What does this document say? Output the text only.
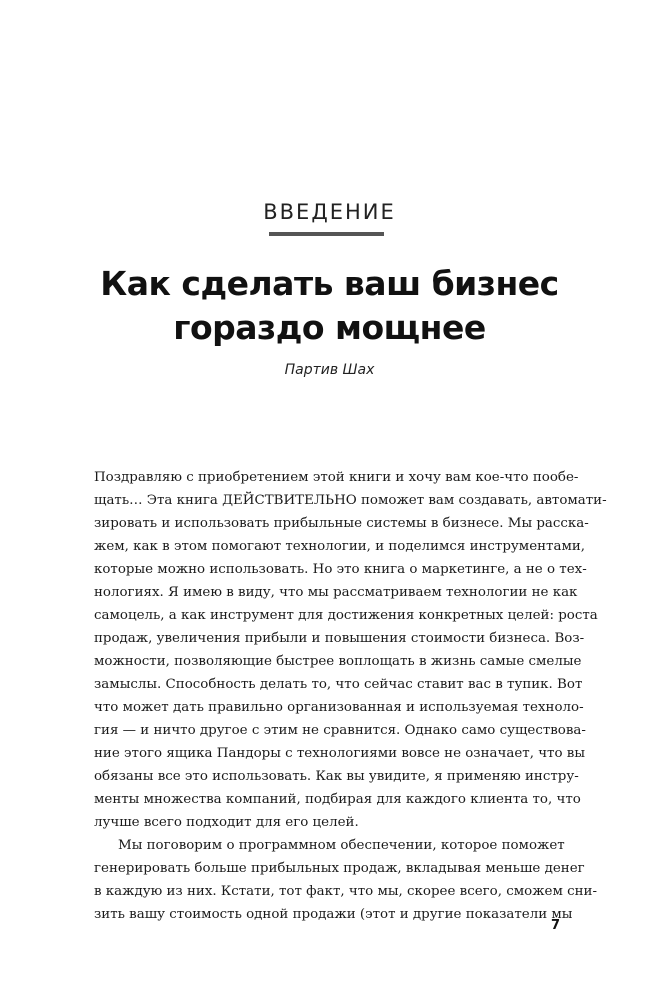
ВВЕДЕНИЕ
Как сделать ваш бизнес
гораздо мощнее
Партив Шах
Поздравляю с приобретением этой книги и хочу вам кое-что пообе-
щать… Эта книга ДЕЙСТВИТЕЛЬНО поможет вам создавать, автомати-
зировать и использовать прибыльные системы в бизнесе. Мы расска-
жем, как в этом помогают технологии, и поделимся инструментами,
которые можно использовать. Но это книга о маркетинге, а не о тех-
нологиях. Я имею в виду, что мы рассматриваем технологии не как
самоцель, а как инструмент для достижения конкретных целей: роста
продаж, увеличения прибыли и повышения стоимости бизнеса. Воз-
можности, позволяющие быстрее воплощать в жизнь самые смелые
замыслы. Способность делать то, что сейчас ставит вас в тупик. Вот
что может дать правильно организованная и используемая техноло-
гия — и ничто другое с этим не сравнится. Однако само существова-
ние этого ящика Пандоры с технологиями вовсе не означает, что вы
обязаны все это использовать. Как вы увидите, я применяю инстру-
менты множества компаний, подбирая для каждого клиента то, что
лучше всего подходит для его целей.
Мы поговорим о программном обеспечении, которое поможет
генерировать больше прибыльных продаж, вкладывая меньше денег
в каждую из них. Кстати, тот факт, что мы, скорее всего, сможем сни-
зить вашу стоимость одной продажи (этот и другие показатели мы
7
